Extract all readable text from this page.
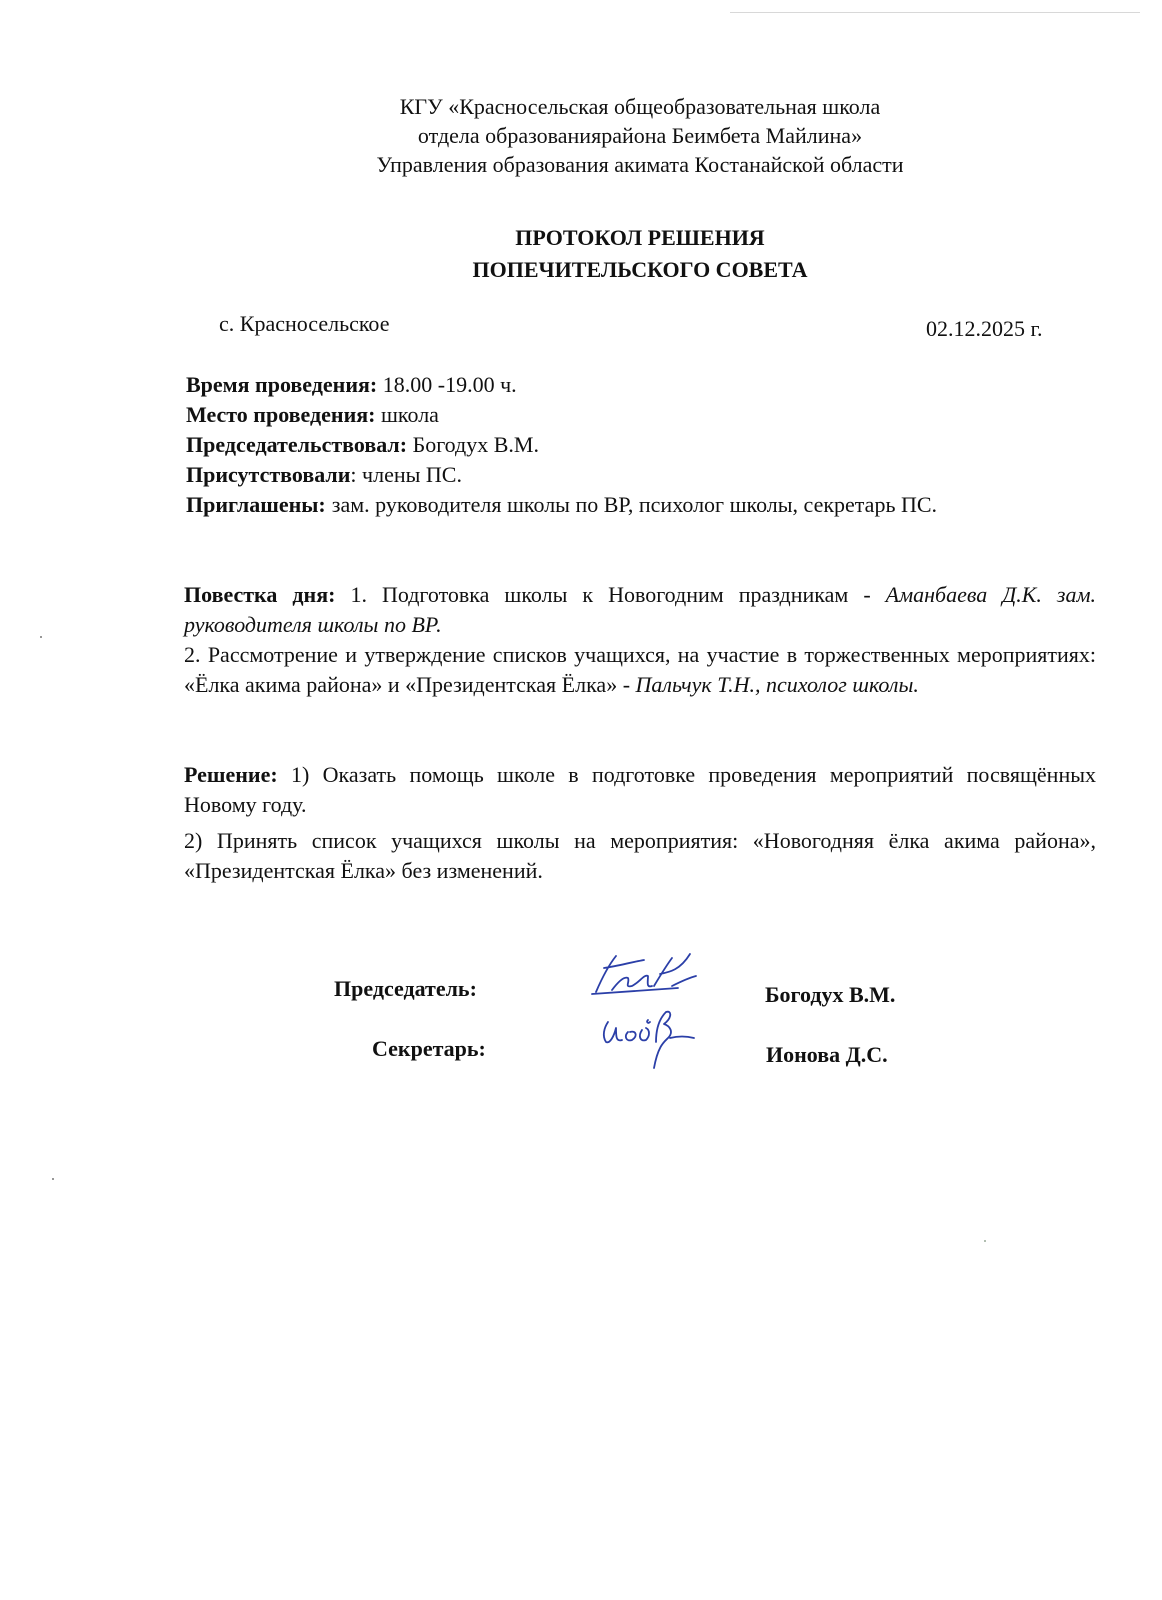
КГУ «Красносельская общеобразовательная школа
отдела образованиярайона Беимбета Майлина»
Управления образования акимата Костанайской области
ПРОТОКОЛ РЕШЕНИЯ
ПОПЕЧИТЕЛЬСКОГО СОВЕТА
с. Красносельское	02.12.2025 г.
Время проведения: 18.00 -19.00 ч.
Место проведения: школа
Председательствовал: Богодух В.М.
Присутствовали: члены ПС.
Приглашены: зам. руководителя школы по ВР, психолог школы, секретарь ПС.

Повестка дня: 1. Подготовка школы к Новогодним праздникам - Аманбаева Д.К. зам. руководителя школы по ВР.

2. Рассмотрение и утверждение списков учащихся, на участие в торжественных мероприятиях: «Ёлка акима района» и «Президентская Ёлка» - Пальчук Т.Н., психолог школы.

Решение: 1) Оказать помощь школе в подготовке проведения мероприятий посвящённых Новому году.

2) Принять список учащихся школы на мероприятия: «Новогодняя ёлка акима района», «Президентская Ёлка» без изменений.

Председатель:	Богодух В.М.
Секретарь:	Ионова Д.С.
